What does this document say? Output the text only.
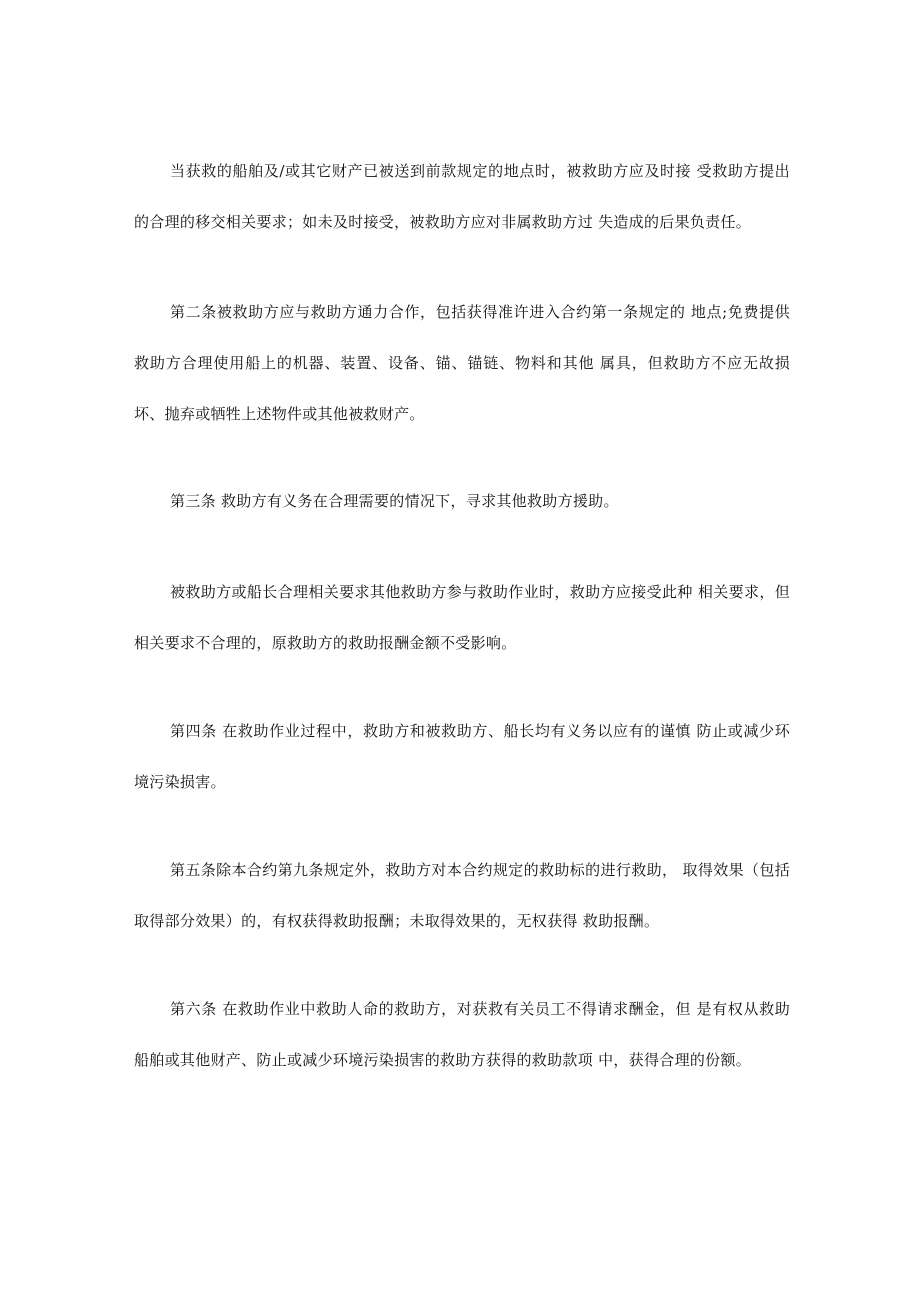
当获救的船舶及/或其它财产已被送到前款规定的地点时，被救助方应及时接 受救助方提出的合理的移交相关要求；如未及时接受，被救助方应对非属救助方过 失造成的后果负责任。

第二条被救助方应与救助方通力合作，包括获得准许进入合约第一条规定的 地点;免费提供救助方合理使用船上的机器、装置、设备、锚、锚链、物料和其他 属具，但救助方不应无故损坏、抛弃或牺牲上述物件或其他被救财产。

第三条 救助方有义务在合理需要的情况下，寻求其他救助方援助。

被救助方或船长合理相关要求其他救助方参与救助作业时，救助方应接受此种 相关要求，但相关要求不合理的，原救助方的救助报酬金额不受影响。

第四条 在救助作业过程中，救助方和被救助方、船长均有义务以应有的谨慎 防止或减少环境污染损害。

第五条除本合约第九条规定外，救助方对本合约规定的救助标的进行救助， 取得效果（包括取得部分效果）的，有权获得救助报酬；未取得效果的，无权获得 救助报酬。

第六条 在救助作业中救助人命的救助方，对获救有关员工不得请求酬金，但 是有权从救助船舶或其他财产、防止或减少环境污染损害的救助方获得的救助款项 中，获得合理的份额。
